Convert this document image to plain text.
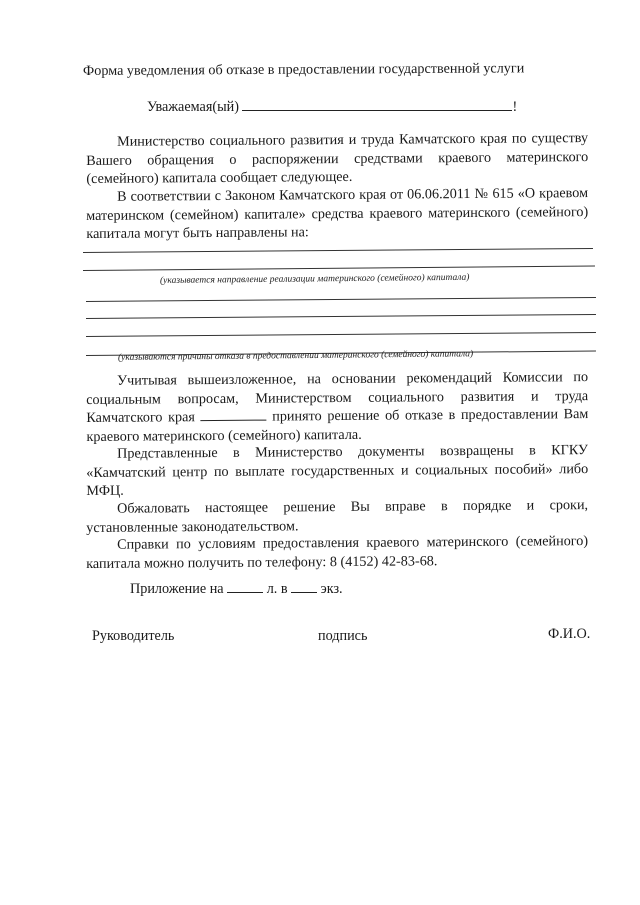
Форма уведомления об отказе в предоставлении государственной услуги
Уважаемая(ый)	!
Министерство социального развития и труда Камчатского края по существу Вашего обращения о распоряжении средствами краевого материнского (семейного) капитала сообщает следующее.
В соответствии с Законом Камчатского края от 06.06.2011 № 615 «О краевом материнском (семейном) капитале» средства краевого материнского (семейного) капитала могут быть направлены на:
(указывается направление реализации материнского (семейного) капитала)
(указываются причины отказа в предоставлении материнского (семейного) капитала)
Учитывая вышеизложенное, на основании рекомендаций Комиссии по социальным вопросам, Министерством социального развития и труда Камчатского края	принято решение об отказе в предоставлении Вам краевого материнского (семейного) капитала.
Представленные в Министерство документы возвращены в КГКУ «Камчатский центр по выплате государственных и социальных пособий» либо МФЦ.
Обжаловать настоящее решение Вы вправе в порядке и сроки, установленные законодательством.
Справки по условиям предоставления краевого материнского (семейного) капитала можно получить по телефону: 8 (4152) 42-83-68.
Приложение на	л. в экз.
Руководитель	подпись	Ф.И.О.
